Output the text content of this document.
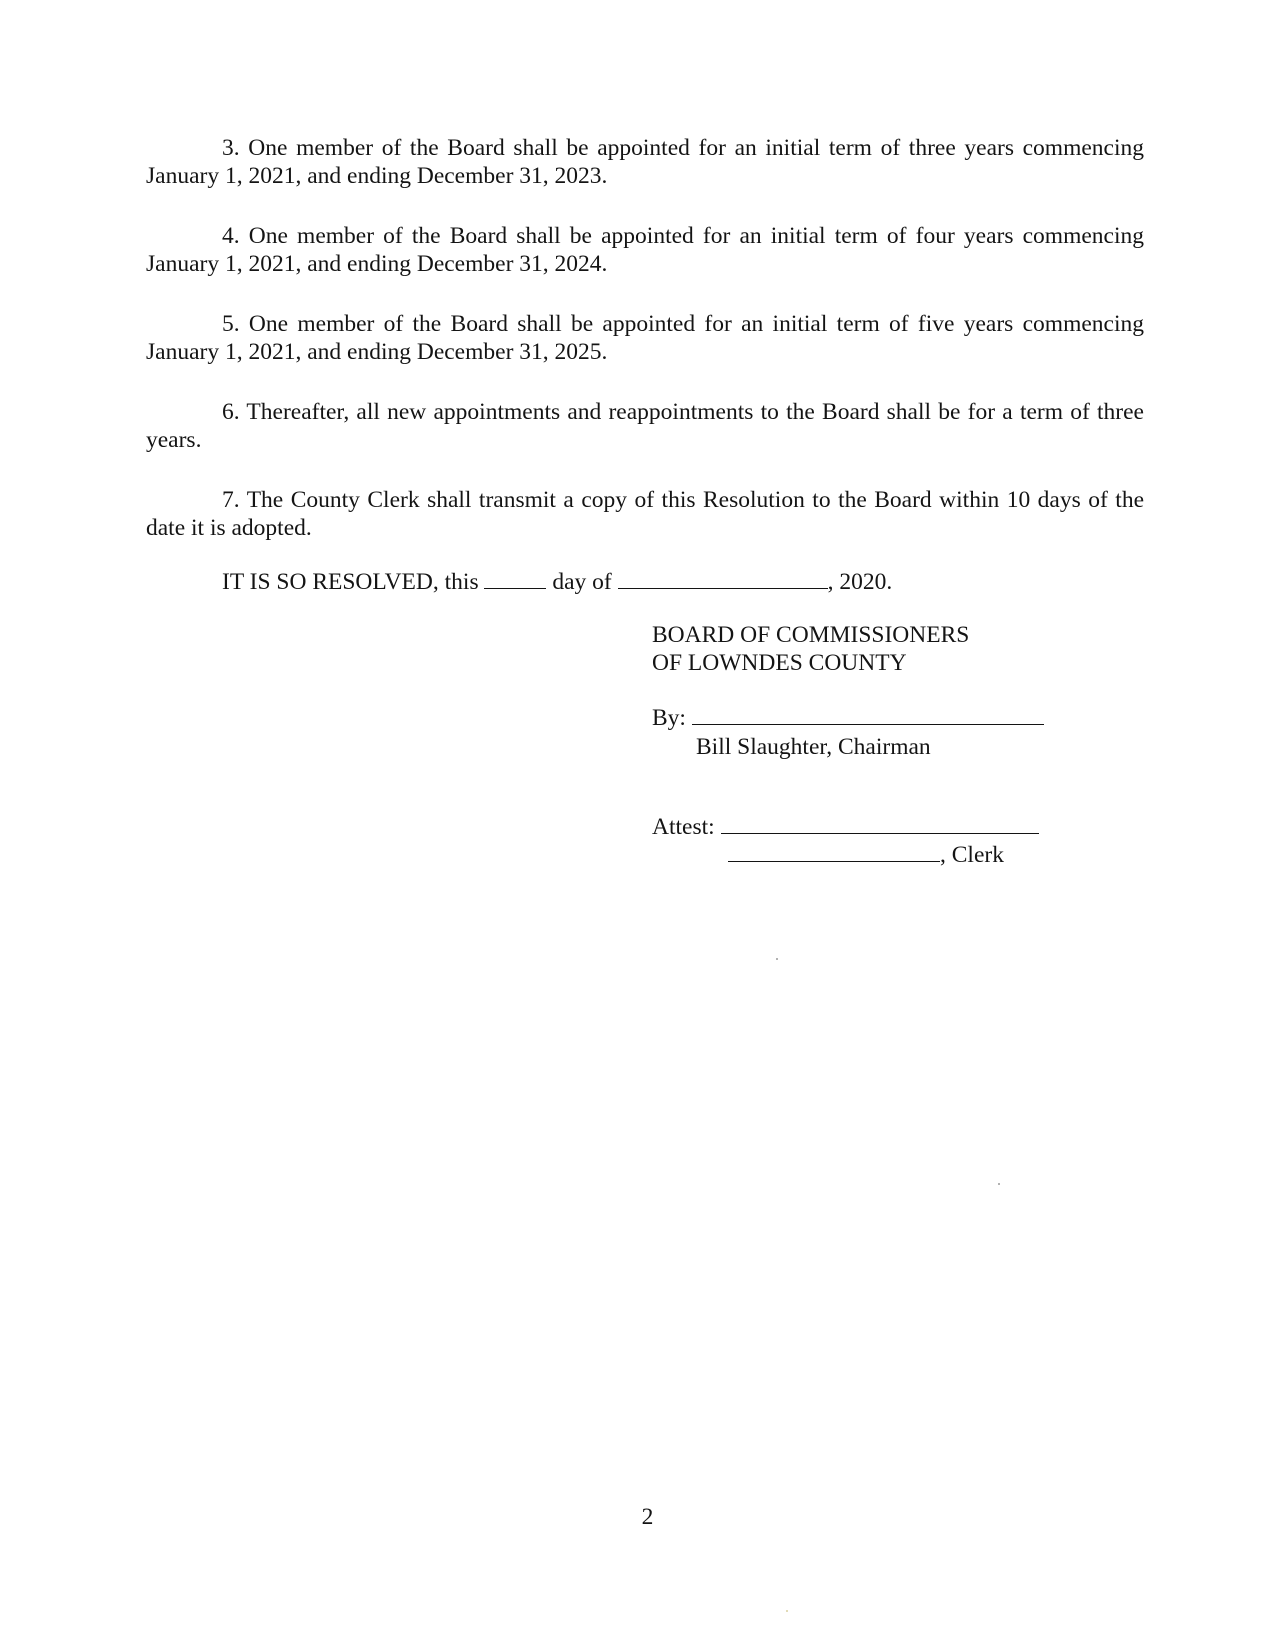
3. One member of the Board shall be appointed for an initial term of three years commencing January 1, 2021, and ending December 31, 2023.

4. One member of the Board shall be appointed for an initial term of four years commencing January 1, 2021, and ending December 31, 2024.

5. One member of the Board shall be appointed for an initial term of five years commencing January 1, 2021, and ending December 31, 2025.

6. Thereafter, all new appointments and reappointments to the Board shall be for a term of three years.

7. The County Clerk shall transmit a copy of this Resolution to the Board within 10 days of the date it is adopted.

IT IS SO RESOLVED, this	day of	, 2020.

BOARD OF COMMISSIONERS

OF LOWNDES COUNTY

By:

Bill Slaughter, Chairman

Attest:

, Clerk

2
